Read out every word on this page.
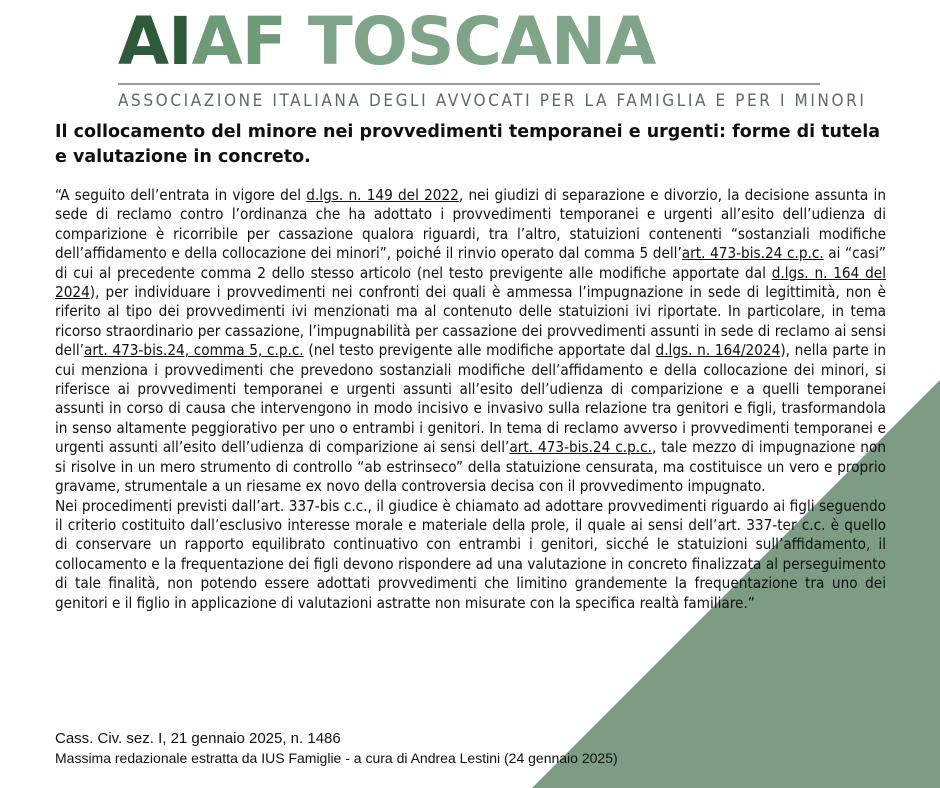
AIAF TOSCANA
ASSOCIAZIONE ITALIANA DEGLI AVVOCATI PER LA FAMIGLIA E PER I MINORI
Il collocamento del minore nei provvedimenti temporanei e urgenti: forme di tutela e valutazione in concreto.

“A seguito dell’entrata in vigore del d.lgs. n. 149 del 2022, nei giudizi di separazione e divorzio, la decisione assunta in sede di reclamo contro l’ordinanza che ha adottato i provvedimenti temporanei e urgenti all’esito dell’udienza di comparizione è ricorribile per cassazione qualora riguardi, tra l’altro, statuizioni contenenti “sostanziali modifiche dell’affidamento e della collocazione dei minori”, poiché il rinvio operato dal comma 5 dell’art. 473-bis.24 c.p.c. ai “casi” di cui al precedente comma 2 dello stesso articolo (nel testo previgente alle modifiche apportate dal d.lgs. n. 164 del 2024), per individuare i provvedimenti nei confronti dei quali è ammessa l’impugnazione in sede di legittimità, non è riferito al tipo dei provvedimenti ivi menzionati ma al contenuto delle statuizioni ivi riportate. In particolare, in tema ricorso straordinario per cassazione, l’impugnabilità per cassazione dei provvedimenti assunti in sede di reclamo ai sensi dell’art. 473-bis.24, comma 5, c.p.c. (nel testo previgente alle modifiche apportate dal d.lgs. n. 164/2024), nella parte in cui menziona i provvedimenti che prevedono sostanziali modifiche dell’affidamento e della collocazione dei minori, si riferisce ai provvedimenti temporanei e urgenti assunti all’esito dell’udienza di comparizione e a quelli temporanei assunti in corso di causa che intervengono in modo incisivo e invasivo sulla relazione tra genitori e figli, trasformandola in senso altamente peggiorativo per uno o entrambi i genitori. In tema di reclamo avverso i provvedimenti temporanei e urgenti assunti all’esito dell’udienza di comparizione ai sensi dell’art. 473-bis.24 c.p.c., tale mezzo di impugnazione non si risolve in un mero strumento di controllo “ab estrinseco” della statuizione censurata, ma costituisce un vero e proprio gravame, strumentale a un riesame ex novo della controversia decisa con il provvedimento impugnato.

Nei procedimenti previsti dall’art. 337-bis c.c., il giudice è chiamato ad adottare provvedimenti riguardo ai figli seguendo il criterio costituito dall’esclusivo interesse morale e materiale della prole, il quale ai sensi dell’art. 337-ter c.c. è quello di conservare un rapporto equilibrato continuativo con entrambi i genitori, sicché le statuizioni sull’affidamento, il collocamento e la frequentazione dei figli devono rispondere ad una valutazione in concreto finalizzata al perseguimento di tale finalità, non potendo essere adottati provvedimenti che limitino grandemente la frequentazione tra uno dei genitori e il figlio in applicazione di valutazioni astratte non misurate con la specifica realtà familiare.”

Cass. Civ. sez. I, 21 gennaio 2025, n. 1486
Massima redazionale estratta da IUS Famiglie - a cura di Andrea Lestini (24 gennaio 2025)
